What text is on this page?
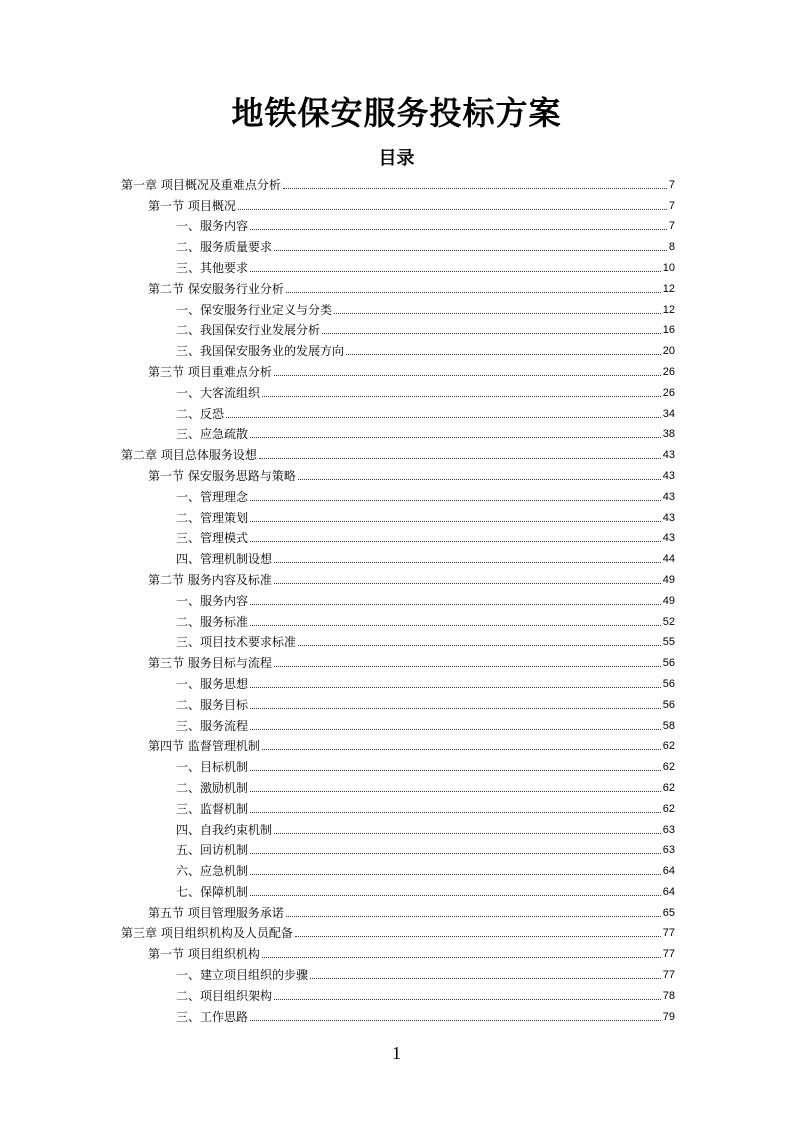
地铁保安服务投标方案
目录
第一章 项目概况及重难点分析	7
第一节 项目概况	7
一、服务内容	7
二、服务质量要求	8
三、其他要求	10
第二节 保安服务行业分析	12
一、保安服务行业定义与分类	12
二、我国保安行业发展分析	16
三、我国保安服务业的发展方向	20
第三节 项目重难点分析	26
一、大客流组织	26
二、反恐	34
三、应急疏散	38
第二章 项目总体服务设想	43
第一节 保安服务思路与策略	43
一、管理理念	43
二、管理策划	43
三、管理模式	43
四、管理机制设想	44
第二节 服务内容及标准	49
一、服务内容	49
二、服务标准	52
三、项目技术要求标准	55
第三节 服务目标与流程	56
一、服务思想	56
二、服务目标	56
三、服务流程	58
第四节 监督管理机制	62
一、目标机制	62
二、激励机制	62
三、监督机制	62
四、自我约束机制	63
五、回访机制	63
六、应急机制	64
七、保障机制	64
第五节 项目管理服务承诺	65
第三章 项目组织机构及人员配备	77
第一节 项目组织机构	77
一、建立项目组织的步骤	77
二、项目组织架构	78
三、工作思路	79
1
